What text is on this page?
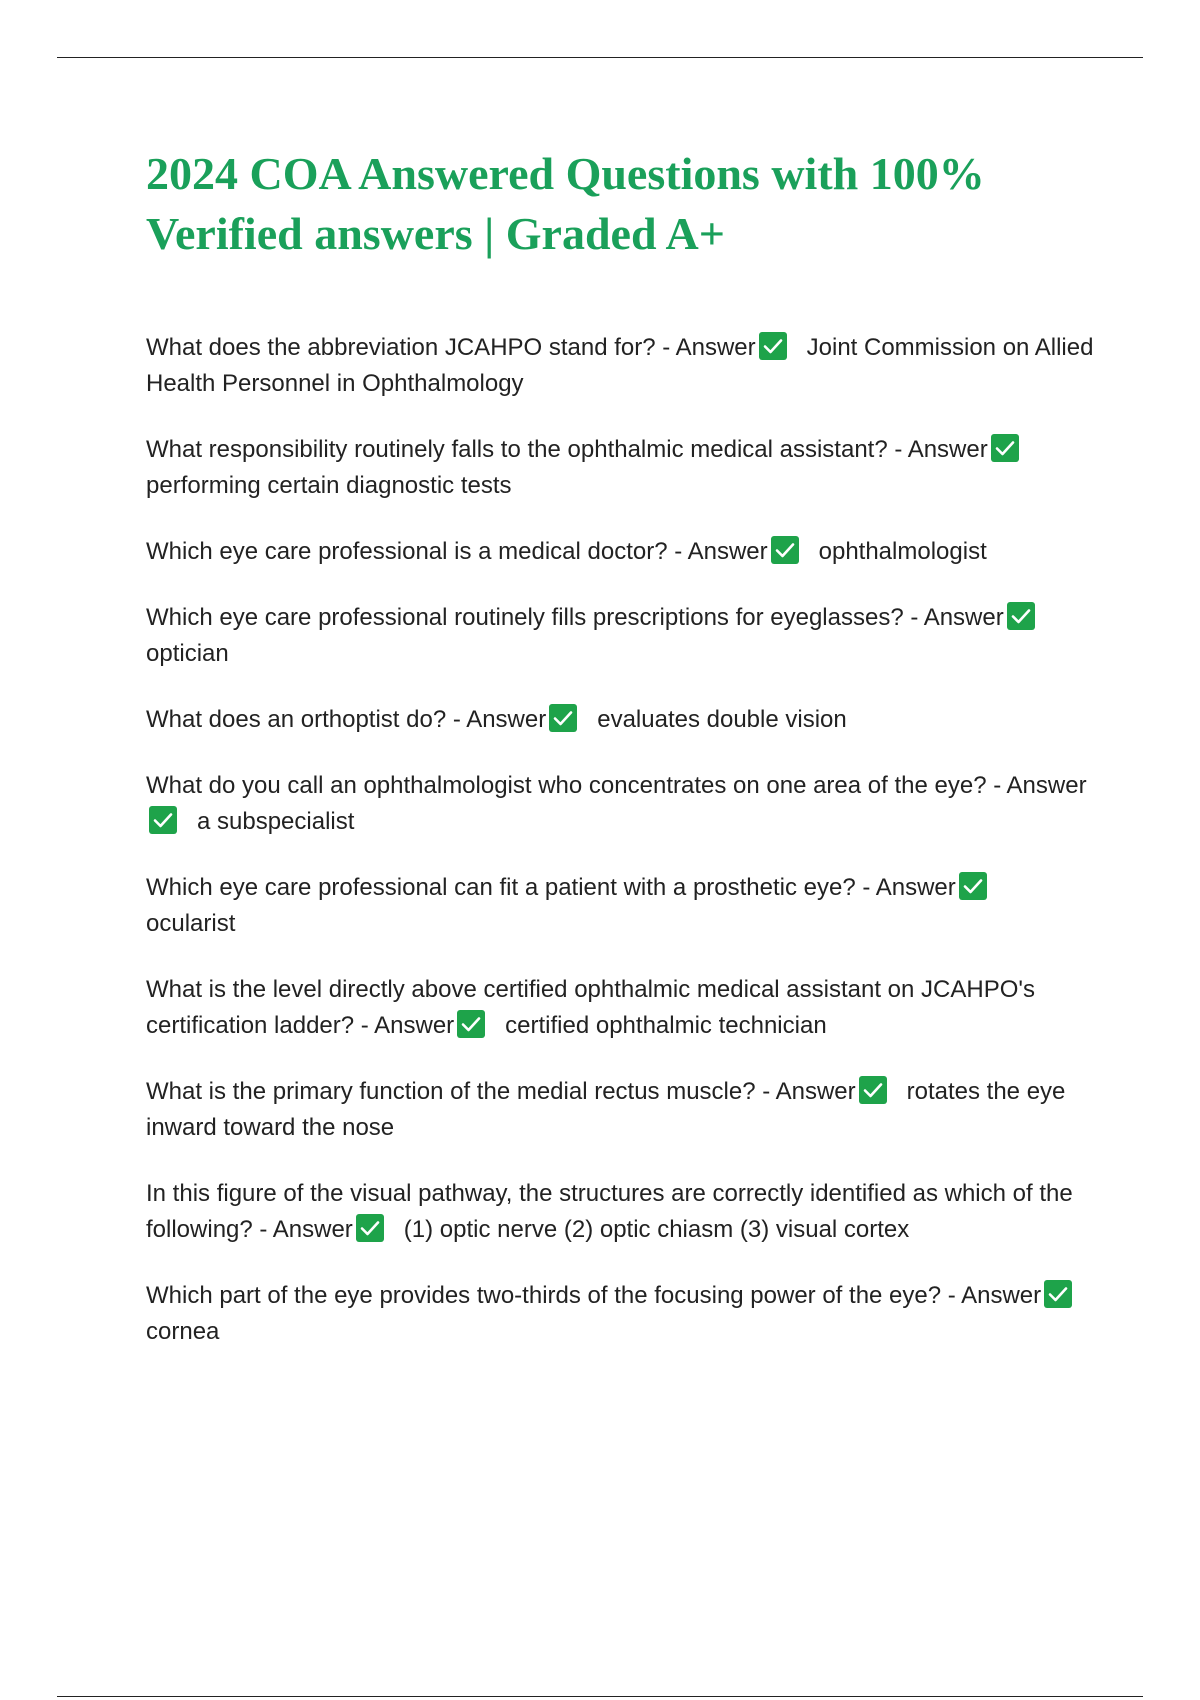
2024 COA Answered Questions with 100% Verified answers | Graded A+

What does the abbreviation JCAHPO stand for? - Answer Joint Commission on Allied Health Personnel in Ophthalmology

What responsibility routinely falls to the ophthalmic medical assistant? - Answer
performing certain diagnostic tests

Which eye care professional is a medical doctor? - Answer ophthalmologist

Which eye care professional routinely fills prescriptions for eyeglasses? - Answer
optician

What does an orthoptist do? - Answer evaluates double vision

What do you call an ophthalmologist who concentrates on one area of the eye? - Answer
a subspecialist

Which eye care professional can fit a patient with a prosthetic eye? - Answer
ocularist

What is the level directly above certified ophthalmic medical assistant on JCAHPO's certification ladder? - Answer certified ophthalmic technician

What is the primary function of the medial rectus muscle? - Answer rotates the eye inward toward the nose

In this figure of the visual pathway, the structures are correctly identified as which of the following? - Answer (1) optic nerve (2) optic chiasm (3) visual cortex

Which part of the eye provides two-thirds of the focusing power of the eye? - Answer
cornea
